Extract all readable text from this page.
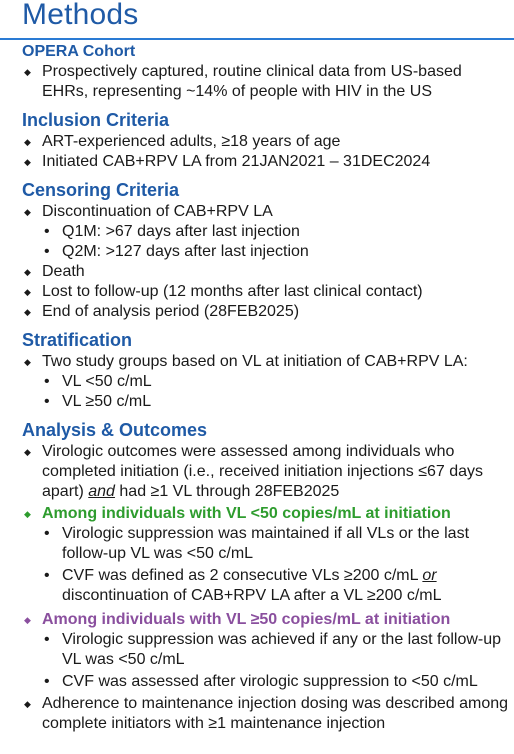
Methods
OPERA Cohort
◆ Prospectively captured, routine clinical data from US-based EHRs, representing ~14% of people with HIV in the US
Inclusion Criteria
◆ ART-experienced adults, ≥18 years of age
◆ Initiated CAB+RPV LA from 21JAN2021 – 31DEC2024
Censoring Criteria
◆ Discontinuation of CAB+RPV LA
• Q1M: >67 days after last injection
• Q2M: >127 days after last injection
◆ Death
◆ Lost to follow-up (12 months after last clinical contact)
◆ End of analysis period (28FEB2025)
Stratification
◆ Two study groups based on VL at initiation of CAB+RPV LA:
• VL <50 c/mL
• VL ≥50 c/mL
Analysis & Outcomes
◆ Virologic outcomes were assessed among individuals who completed initiation (i.e., received initiation injections ≤67 days apart) and had ≥1 VL through 28FEB2025
◆ Among individuals with VL <50 copies/mL at initiation
• Virologic suppression was maintained if all VLs or the last follow-up VL was <50 c/mL
• CVF was defined as 2 consecutive VLs ≥200 c/mL or discontinuation of CAB+RPV LA after a VL ≥200 c/mL
◆ Among individuals with VL ≥50 copies/mL at initiation
• Virologic suppression was achieved if any or the last follow-up VL was <50 c/mL
• CVF was assessed after virologic suppression to <50 c/mL
◆ Adherence to maintenance injection dosing was described among complete initiators with ≥1 maintenance injection
